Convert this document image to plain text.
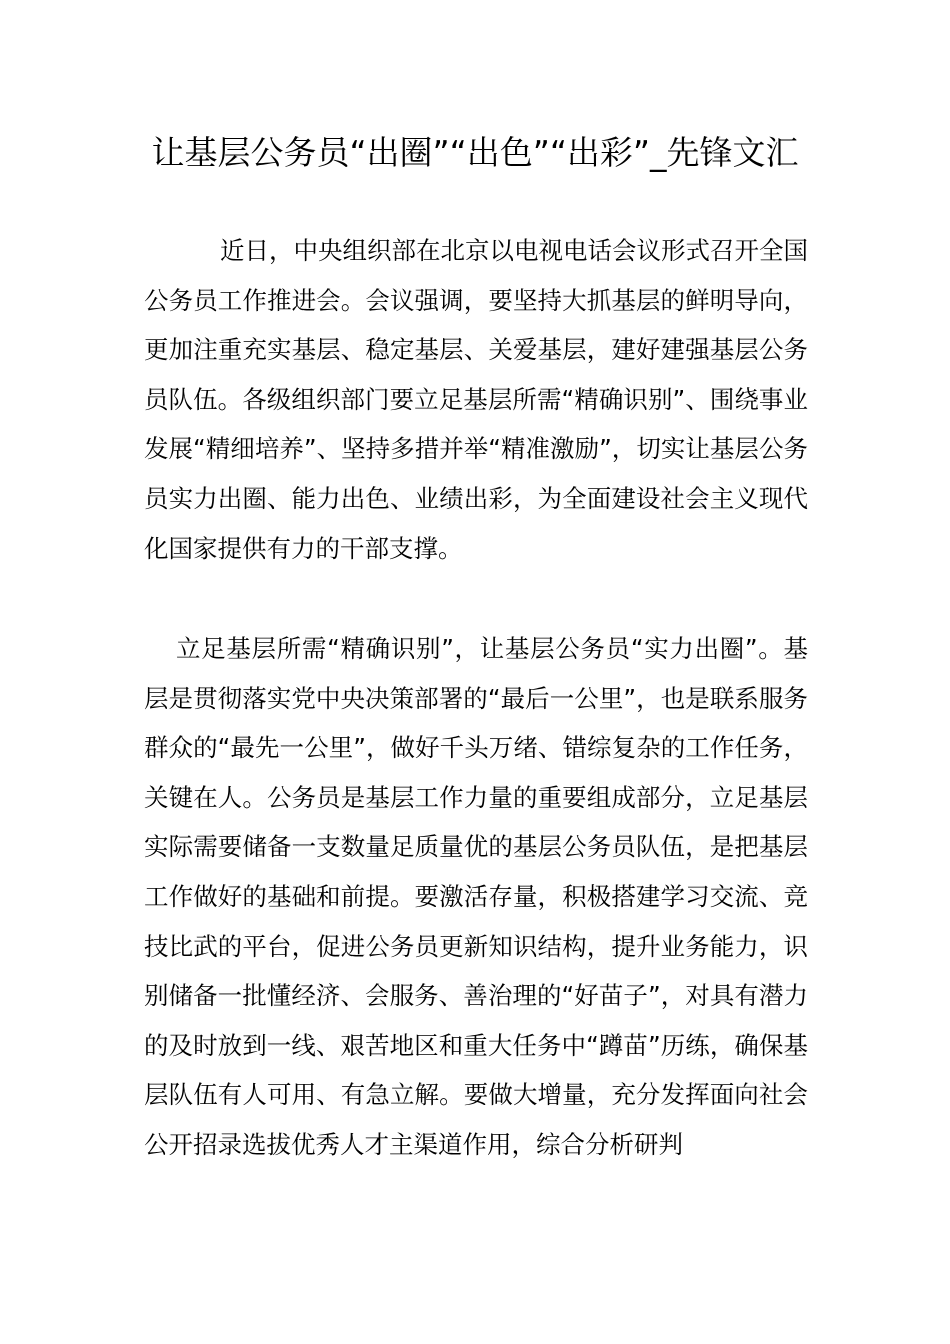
让基层公务员“出圈”“出色”“出彩”_先锋文汇

近日，中央组织部在北京以电视电话会议形式召开全国公务员工作推进会。会议强调，要坚持大抓基层的鲜明导向，更加注重充实基层、稳定基层、关爱基层，建好建强基层公务员队伍。各级组织部门要立足基层所需“精确识别”、围绕事业发展“精细培养”、坚持多措并举“精准激励”，切实让基层公务员实力出圈、能力出色、业绩出彩，为全面建设社会主义现代化国家提供有力的干部支撑。

立足基层所需“精确识别”，让基层公务员“实力出圈”。基层是贯彻落实党中央决策部署的“最后一公里”，也是联系服务群众的“最先一公里”，做好千头万绪、错综复杂的工作任务，关键在人。公务员是基层工作力量的重要组成部分，立足基层实际需要储备一支数量足质量优的基层公务员队伍，是把基层工作做好的基础和前提。要激活存量，积极搭建学习交流、竞技比武的平台，促进公务员更新知识结构，提升业务能力，识别储备一批懂经济、会服务、善治理的“好苗子”，对具有潜力的及时放到一线、艰苦地区和重大任务中“蹲苗”历练，确保基层队伍有人可用、有急立解。要做大增量，充分发挥面向社会公开招录选拔优秀人才主渠道作用，综合分析研判
